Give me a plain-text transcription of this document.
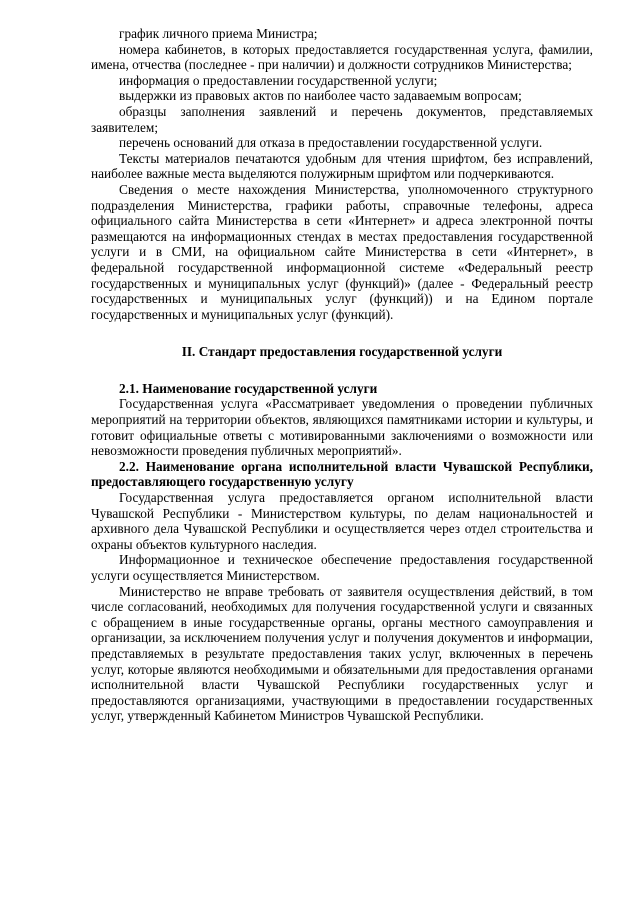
график личного приема Министра;

номера кабинетов, в которых предоставляется государственная услуга, фамилии, имена, отчества (последнее - при наличии) и должности сотрудников Министерства;

информация о предоставлении государственной услуги;

выдержки из правовых актов по наиболее часто задаваемым вопросам;

образцы заполнения заявлений и перечень документов, представляемых заявителем;

перечень оснований для отказа в предоставлении государственной услуги.

Тексты материалов печатаются удобным для чтения шрифтом, без исправлений, наиболее важные места выделяются полужирным шрифтом или подчеркиваются.

Сведения о месте нахождения Министерства, уполномоченного структурного подразделения Министерства, графики работы, справочные телефоны, адреса официального сайта Министерства в сети «Интернет» и адреса электронной почты размещаются на информационных стендах в местах предоставления государственной услуги и в СМИ, на официальном сайте Министерства в сети «Интернет», в федеральной государственной информационной системе «Федеральный реестр государственных и муниципальных услуг (функций)» (далее - Федеральный реестр государственных и муниципальных услуг (функций)) и на Едином портале государственных и муниципальных услуг (функций).

II. Стандарт предоставления государственной услуги

2.1. Наименование государственной услуги

Государственная услуга «Рассматривает уведомления о проведении публичных мероприятий на территории объектов, являющихся памятниками истории и культуры, и готовит официальные ответы с мотивированными заключениями о возможности или невозможности проведения публичных мероприятий».

2.2. Наименование органа исполнительной власти Чувашской Республики, предоставляющего государственную услугу

Государственная услуга предоставляется органом исполнительной власти Чувашской Республики - Министерством культуры, по делам национальностей и архивного дела Чувашской Республики и осуществляется через отдел строительства и охраны объектов культурного наследия.

Информационное и техническое обеспечение предоставления государственной услуги осуществляется Министерством.

Министерство не вправе требовать от заявителя осуществления действий, в том числе согласований, необходимых для получения государственной услуги и связанных с обращением в иные государственные органы, органы местного самоуправления и организации, за исключением получения услуг и получения документов и информации, представляемых в результате предоставления таких услуг, включенных в перечень услуг, которые являются необходимыми и обязательными для предоставления органами исполнительной власти Чувашской Республики государственных услуг и предоставляются организациями, участвующими в предоставлении государственных услуг, утвержденный Кабинетом Министров Чувашской Республики.
